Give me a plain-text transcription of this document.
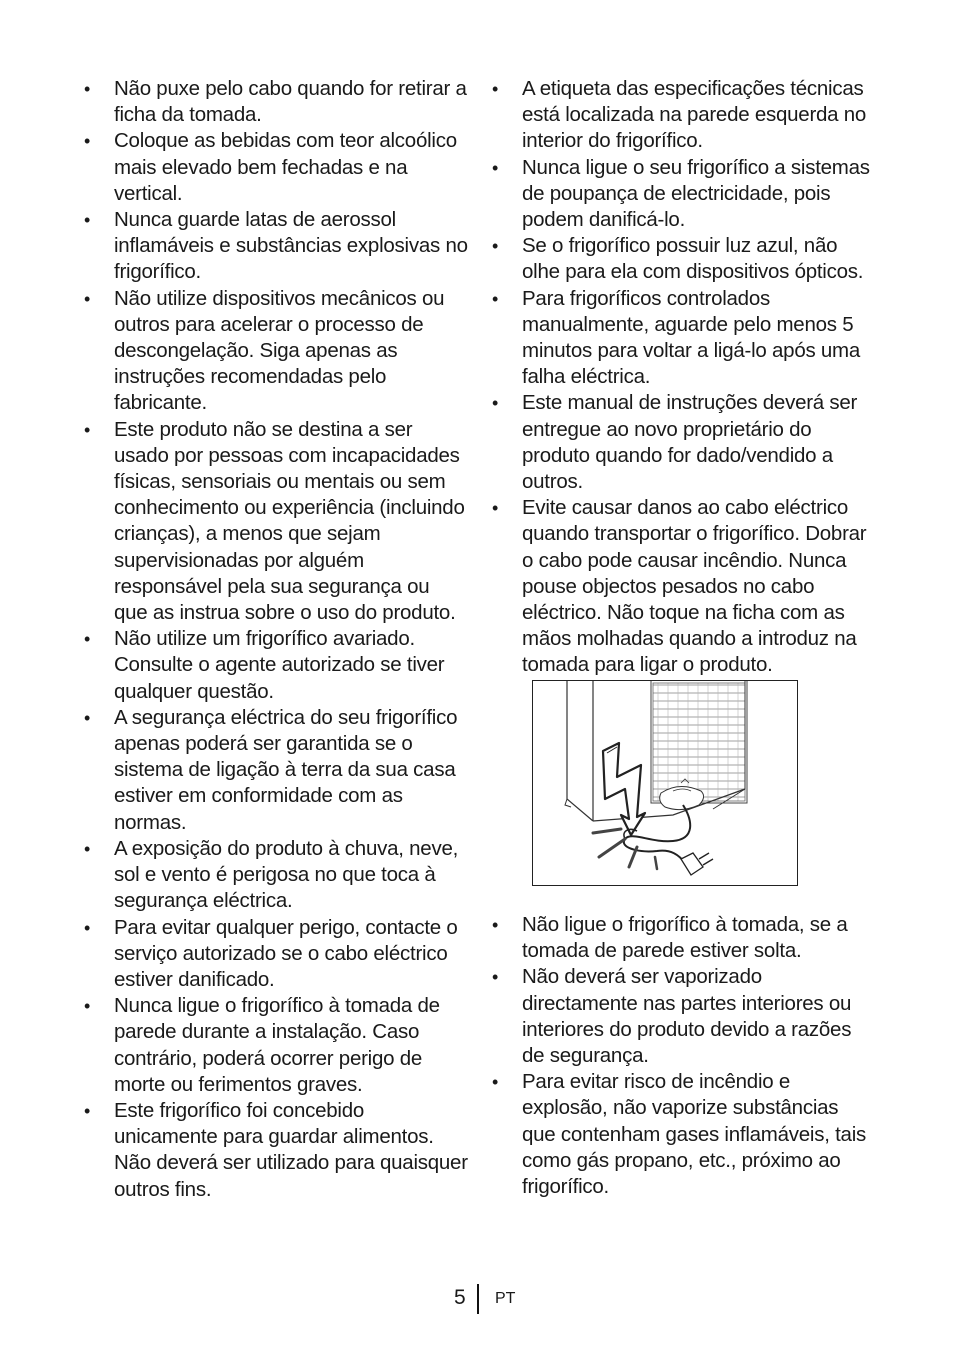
• Não puxe pelo cabo quando for retirar a ficha da tomada.
• Coloque as bebidas com teor alcoólico mais elevado bem fechadas e na vertical.
• Nunca guarde latas de aerossol inflamáveis e substâncias explosivas no frigorífico.
• Não utilize dispositivos mecânicos ou outros para acelerar o processo de descongelação. Siga apenas as instruções recomendadas pelo fabricante.
• Este produto não se destina a ser usado por pessoas com incapacidades físicas, sensoriais ou mentais ou sem conhecimento ou experiência (incluindo crianças), a menos que sejam supervisionadas por alguém responsável pela sua segurança ou que as instrua sobre o uso do produto.
• Não utilize um frigorífico avariado. Consulte o agente autorizado se tiver qualquer questão.
• A segurança eléctrica do seu frigorífico apenas poderá ser garantida se o sistema de ligação à terra da sua casa estiver em conformidade com as normas.
• A exposição do produto à chuva, neve, sol e vento é perigosa no que toca à segurança eléctrica.
• Para evitar qualquer perigo, contacte o serviço autorizado se o cabo eléctrico estiver danificado.
• Nunca ligue o frigorífico à tomada de parede durante a instalação. Caso contrário, poderá ocorrer perigo de morte ou ferimentos graves.
• Este frigorífico foi concebido unicamente para guardar alimentos. Não deverá ser utilizado para quaisquer outros fins.
• A etiqueta das especificações técnicas está localizada na parede esquerda no interior do frigorífico.
• Nunca ligue o seu frigorífico a sistemas de poupança de electricidade, pois podem danificá-lo.
• Se o frigorífico possuir luz azul, não olhe para ela com dispositivos ópticos.
• Para frigoríficos controlados manualmente, aguarde pelo menos 5 minutos para voltar a ligá-lo após uma falha eléctrica.
• Este manual de instruções deverá ser entregue ao novo proprietário do produto quando for dado/vendido a outros.
• Evite causar danos ao cabo eléctrico quando transportar o frigorífico. Dobrar o cabo pode causar incêndio. Nunca pouse objectos pesados no cabo eléctrico. Não toque na ficha com as mãos molhadas quando a introduz na tomada para ligar o produto.
• Não ligue o frigorífico à tomada, se a tomada de parede estiver solta.
• Não deverá ser vaporizado directamente nas partes interiores ou interiores do produto devido a razões de segurança.
• Para evitar risco de incêndio e explosão, não vaporize substâncias que contenham gases inflamáveis, tais como gás propano, etc., próximo ao frigorífico.
5 PT
